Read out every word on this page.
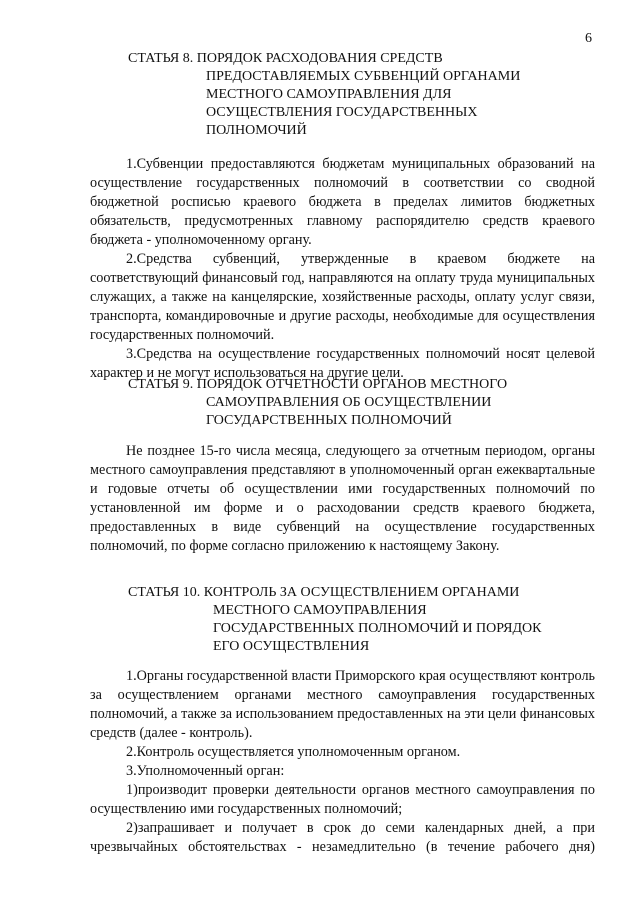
6
СТАТЬЯ 8. ПОРЯДОК РАСХОДОВАНИЯ СРЕДСТВ
ПРЕДОСТАВЛЯЕМЫХ СУБВЕНЦИЙ ОРГАНАМИ
МЕСТНОГО САМОУПРАВЛЕНИЯ ДЛЯ
ОСУЩЕСТВЛЕНИЯ ГОСУДАРСТВЕННЫХ
ПОЛНОМОЧИЙ

1.Субвенции предоставляются бюджетам муниципальных образований на осуществление государственных полномочий в соответствии со сводной бюджетной росписью краевого бюджета в пределах лимитов бюджетных обязательств, предусмотренных главному распорядителю средств краевого бюджета - уполномоченному органу.

2.Средства субвенций, утвержденные в краевом бюджете на соответствующий финансовый год, направляются на оплату труда муниципальных служащих, а также на канцелярские, хозяйственные расходы, оплату услуг связи, транспорта, командировочные и другие расходы, необходимые для осуществления государственных полномочий.

3.Средства на осуществление государственных полномочий носят целевой характер и не могут использоваться на другие цели.

СТАТЬЯ 9. ПОРЯДОК ОТЧЕТНОСТИ ОРГАНОВ МЕСТНОГО
САМОУПРАВЛЕНИЯ ОБ ОСУЩЕСТВЛЕНИИ
ГОСУДАРСТВЕННЫХ ПОЛНОМОЧИЙ

Не позднее 15-го числа месяца, следующего за отчетным периодом, органы местного самоуправления представляют в уполномоченный орган ежеквартальные и годовые отчеты об осуществлении ими государственных полномочий по установленной им форме и о расходовании средств краевого бюджета, предоставленных в виде субвенций на осуществление государственных полномочий, по форме согласно приложению к настоящему Закону.

СТАТЬЯ 10. КОНТРОЛЬ ЗА ОСУЩЕСТВЛЕНИЕМ ОРГАНАМИ
МЕСТНОГО САМОУПРАВЛЕНИЯ
ГОСУДАРСТВЕННЫХ ПОЛНОМОЧИЙ И ПОРЯДОК
ЕГО ОСУЩЕСТВЛЕНИЯ

1.Органы государственной власти Приморского края осуществляют контроль за осуществлением органами местного самоуправления государственных полномочий, а также за использованием предоставленных на эти цели финансовых средств (далее - контроль).

2.Контроль осуществляется уполномоченным органом.

3.Уполномоченный орган:

1)производит проверки деятельности органов местного самоуправления по осуществлению ими государственных полномочий;

2)запрашивает и получает в срок до семи календарных дней, а при чрезвычайных обстоятельствах - незамедлительно (в течение рабочего дня)
